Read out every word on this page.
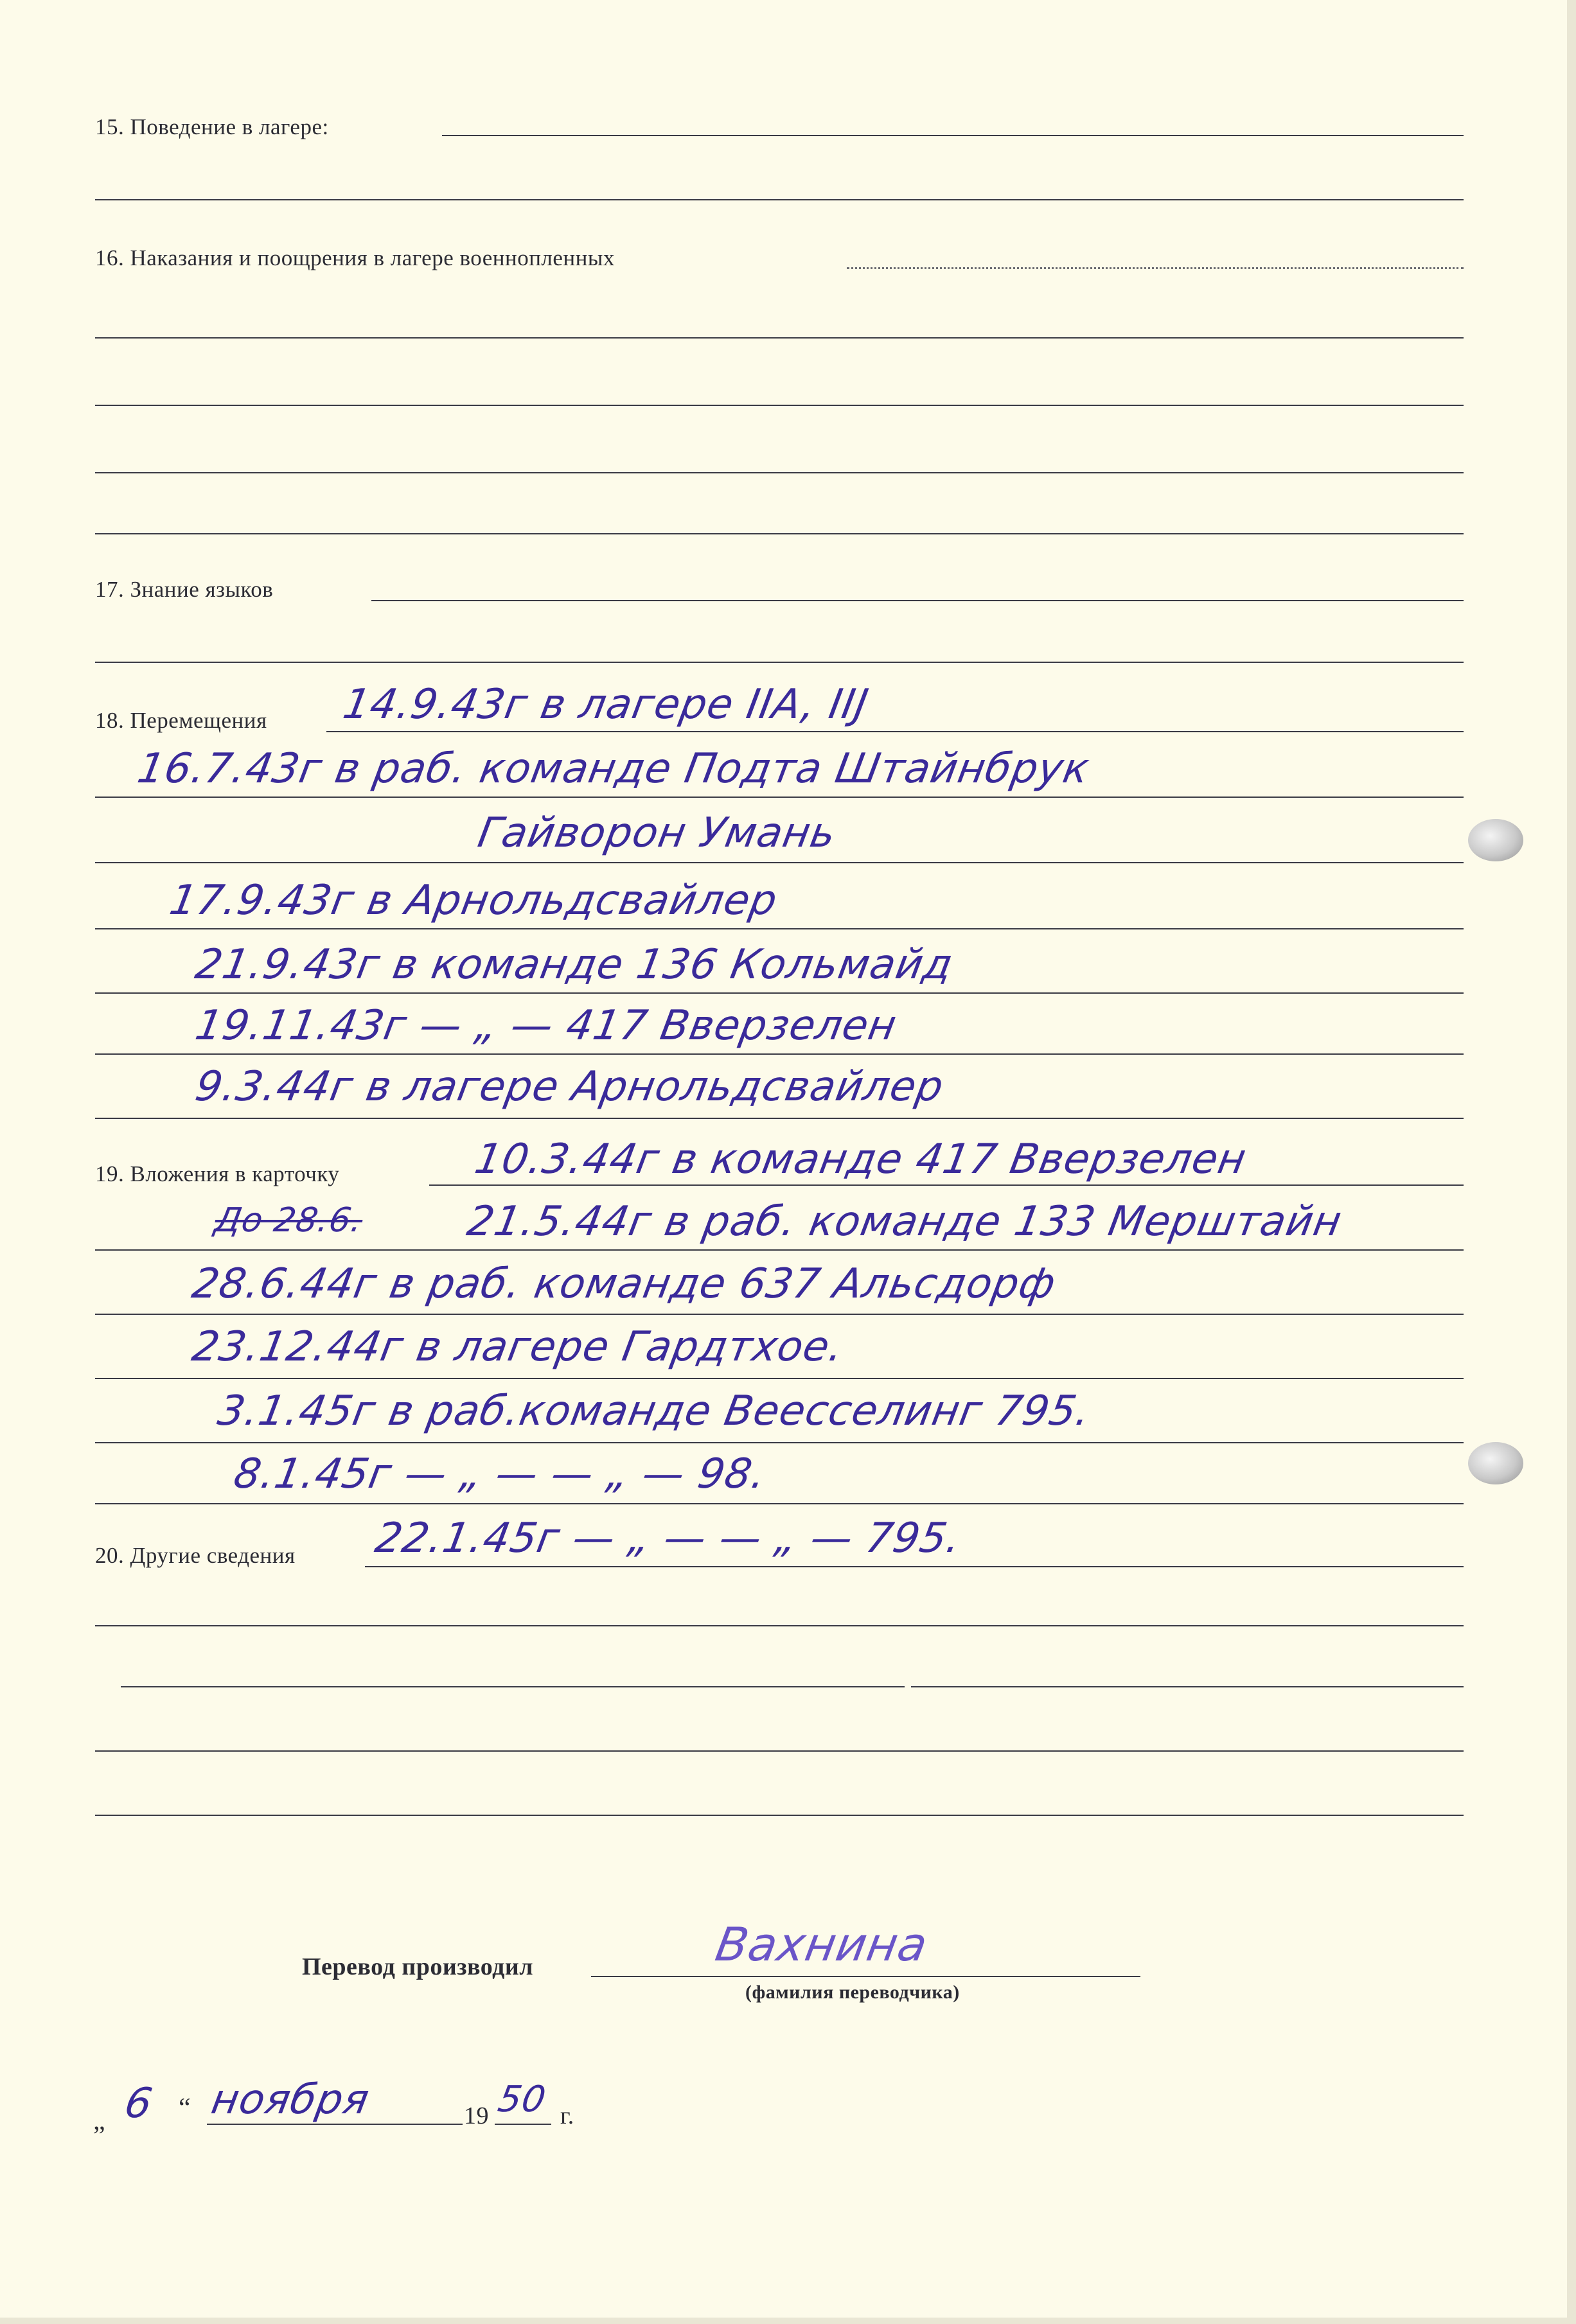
15. Поведение в лагере:
16. Наказания и поощрения в лагере военнопленных
17. Знание языков
18. Перемещения 14.9.43г в лагере IIA, IIJ
16.7.43г в раб. команде Подта Штайнбрук
Гайворон Умань
17.9.43г в Арнольдсвайлер
21.9.43г в команде 136 Кольмайд
19.11.43г — „ — 417 Вверзелен
9.3.44г в лагере Арнольдсвайлер
19. Вложения в карточку	10.3.44г в команде 417 Вверзелен
До 28.6. 21.5.44г в раб. команде 133 Мерштайн
28.6.44г в раб. команде 637 Альсдорф
23.12.44г в лагере Гардтхое.
3.1.45г в раб.команде Веесселинг 795.
8.1.45г — „ — — „ — 98.
20. Другие сведения 22.1.45г — „ — — „ — 795.
Перевод производил	Вахнина
(фамилия переводчика)
„ 6 “ ноября	19 50 г.
